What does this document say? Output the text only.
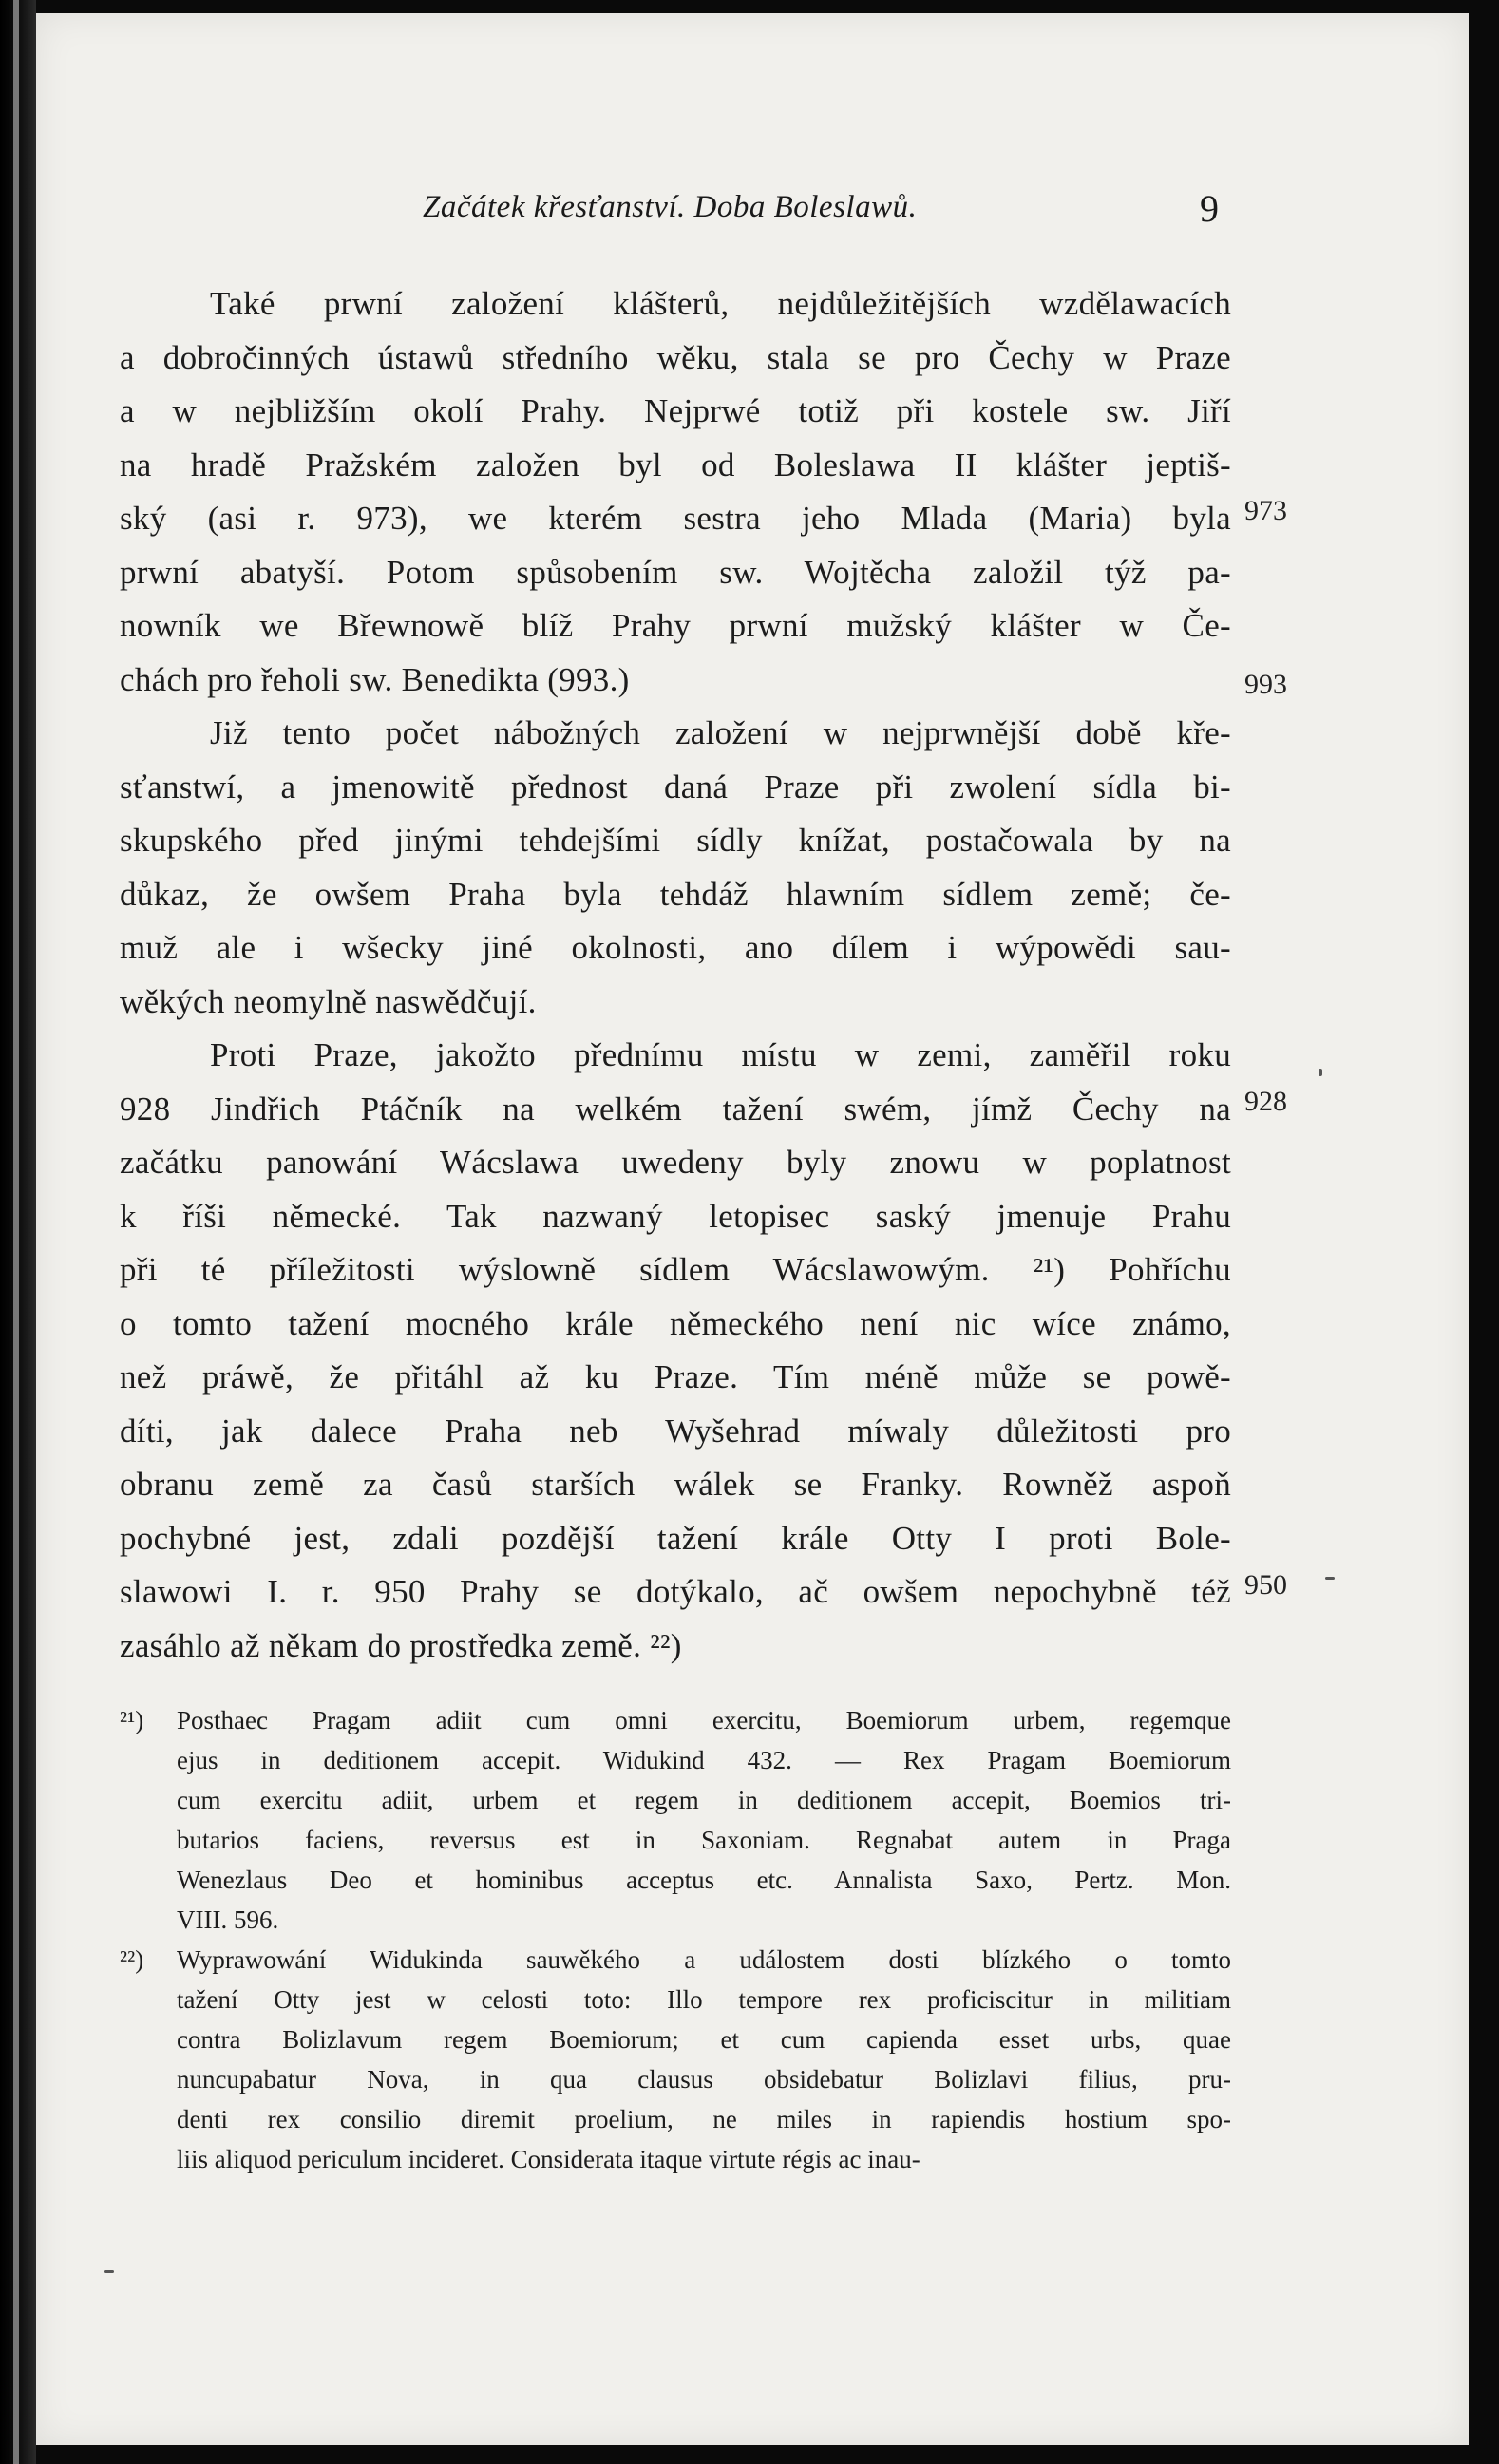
Začátek křesťanství. Doba Boleslawů.	9
Také prwní založení klášterů, nejdůležitějších wzdělawacích
a dobročinných ústawů středního wěku, stala se pro Čechy w Praze
a w nejbližším okolí Prahy. Nejprwé totiž při kostele sw. Jiří
na hradě Pražském založen byl od Boleslawa II klášter jeptiš-
ský (asi r. 973), we kterém sestra jeho Mlada (Maria) byla
prwní abatyší. Potom spůsobením sw. Wojtěcha založil týž pa-
nowník we Břewnowě blíž Prahy prwní mužský klášter w Če-
chách pro řeholi sw. Benedikta (993.)
Již tento počet nábožných založení w nejprwnější době kře-
sťanstwí, a jmenowitě přednost daná Praze při zwolení sídla bi-
skupského před jinými tehdejšími sídly knížat, postačowala by na
důkaz, že owšem Praha byla tehdáž hlawním sídlem země; če-
muž ale i wšecky jiné okolnosti, ano dílem i wýpowědi sau-
wěkých neomylně naswědčují.
Proti Praze, jakožto přednímu místu w zemi, zaměřil roku
928 Jindřich Ptáčník na welkém tažení swém, jímž Čechy na
začátku panowání Wácslawa uwedeny byly znowu w poplatnost
k říši německé. Tak nazwaný letopisec saský jmenuje Prahu
při té příležitosti wýslowně sídlem Wácslawowým. ²¹) Pohříchu
o tomto tažení mocného krále německého není nic wíce známo,
než práwě, že přitáhl až ku Praze. Tím méně může se powě-
díti, jak dalece Praha neb Wyšehrad míwaly důležitosti pro
obranu země za časů starších wálek se Franky. Rowněž aspoň
pochybné jest, zdali pozdější tažení krále Otty I proti Bole-
slawowi I. r. 950 Prahy se dotýkalo, ač owšem nepochybně též
zasáhlo až někam do prostředka země. ²²)
973
993
928
950
²¹) Posthaec Pragam adiit cum omni exercitu, Boemiorum urbem, regemque
ejus in deditionem accepit. Widukind 432. — Rex Pragam Boemiorum
cum exercitu adiit, urbem et regem in deditionem accepit, Boemios tri-
butarios faciens, reversus est in Saxoniam. Regnabat autem in Praga
Wenezlaus Deo et hominibus acceptus etc. Annalista Saxo, Pertz. Mon.
VIII. 596.
²²) Wyprawowání Widukinda sauwěkého a událostem dosti blízkého o tomto
tažení Otty jest w celosti toto: Illo tempore rex proficiscitur in militiam
contra Bolizlavum regem Boemiorum; et cum capienda esset urbs, quae
nuncupabatur Nova, in qua clausus obsidebatur Bolizlavi filius, pru-
denti rex consilio diremit proelium, ne miles in rapiendis hostium spo-
liis aliquod periculum incideret. Considerata itaque virtute régis ac inau-
